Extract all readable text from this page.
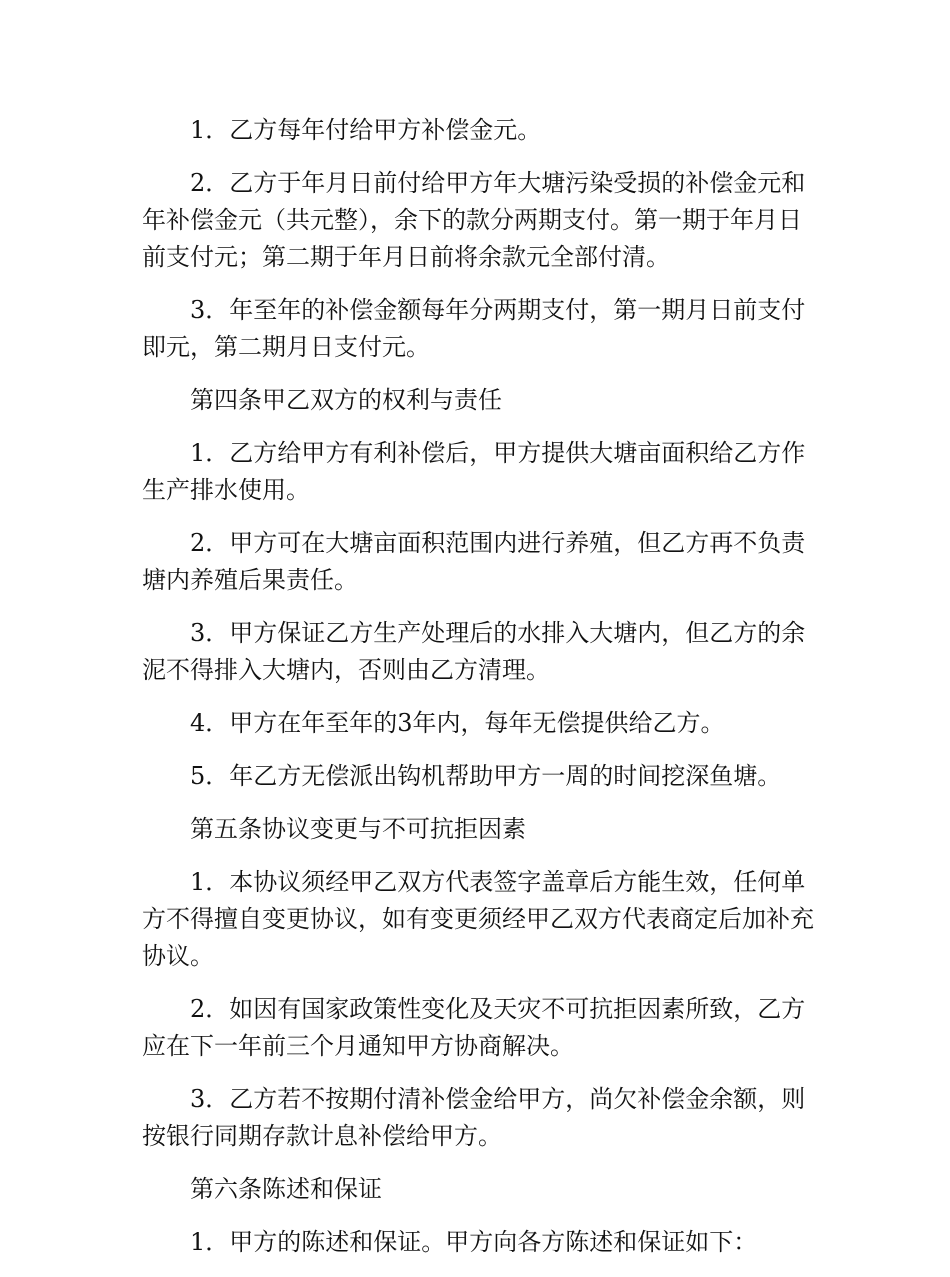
1．乙方每年付给甲方补偿金元。

2．乙方于年月日前付给甲方年大塘污染受损的补偿金元和年补偿金元（共元整），余下的款分两期支付。第一期于年月日前支付元；第二期于年月日前将余款元全部付清。

3．年至年的补偿金额每年分两期支付，第一期月日前支付即元，第二期月日支付元。

第四条甲乙双方的权利与责任

1．乙方给甲方有利补偿后，甲方提供大塘亩面积给乙方作生产排水使用。

2．甲方可在大塘亩面积范围内进行养殖，但乙方再不负责塘内养殖后果责任。

3．甲方保证乙方生产处理后的水排入大塘内，但乙方的余泥不得排入大塘内，否则由乙方清理。

4．甲方在年至年的3年内，每年无偿提供给乙方。

5．年乙方无偿派出钩机帮助甲方一周的时间挖深鱼塘。

第五条协议变更与不可抗拒因素

1．本协议须经甲乙双方代表签字盖章后方能生效，任何单方不得擅自变更协议，如有变更须经甲乙双方代表商定后加补充协议。

2．如因有国家政策性变化及天灾不可抗拒因素所致，乙方应在下一年前三个月通知甲方协商解决。

3．乙方若不按期付清补偿金给甲方，尚欠补偿金余额，则按银行同期存款计息补偿给甲方。

第六条陈述和保证

1．甲方的陈述和保证。甲方向各方陈述和保证如下：
